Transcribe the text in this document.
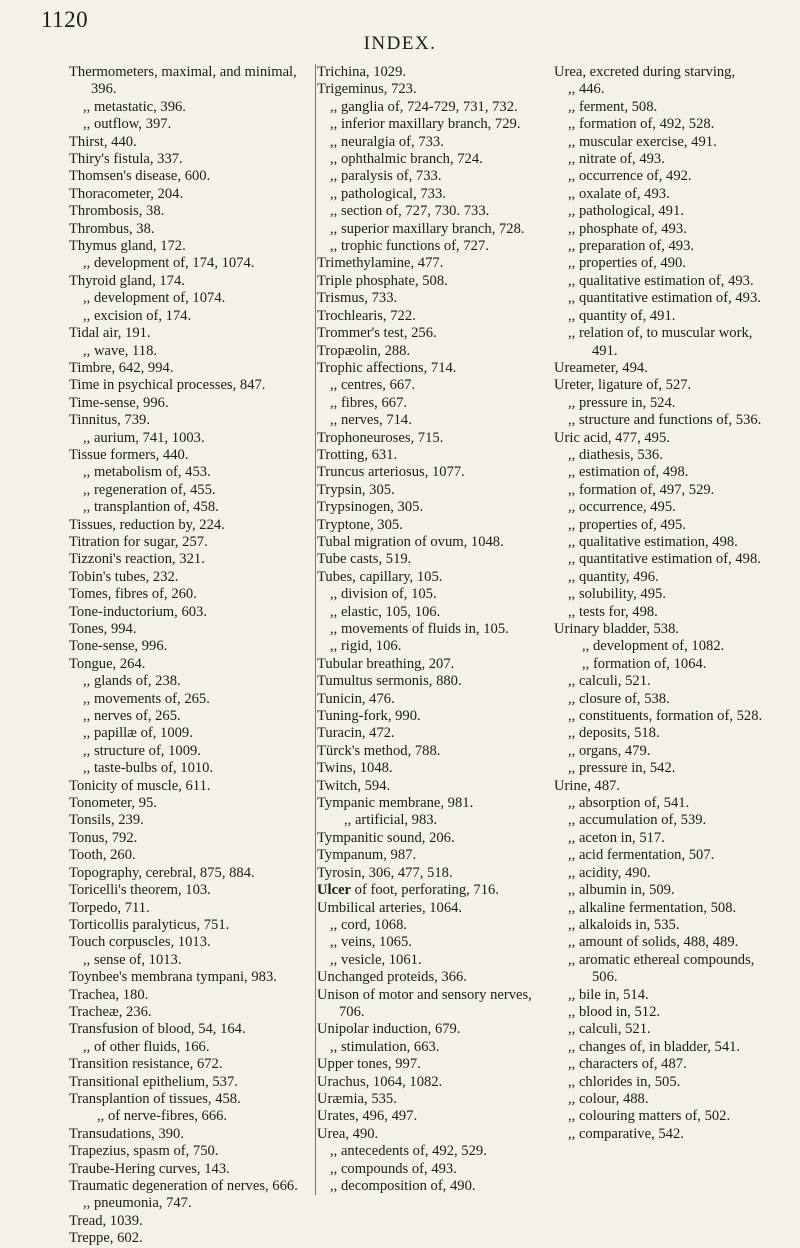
1120
INDEX.
Thermometers, maximal, and minimal, 396.
,, metastatic, 396.
,, outflow, 397.
Thirst, 440.
Thiry's fistula, 337.
Thomsen's disease, 600.
Thoracometer, 204.
Thrombosis, 38.
Thrombus, 38.
Thymus gland, 172.
,, development of, 174, 1074.
Thyroid gland, 174.
,, development of, 1074.
,, excision of, 174.
Tidal air, 191.
,, wave, 118.
Timbre, 642, 994.
Time in psychical processes, 847.
Time-sense, 996.
Tinnitus, 739.
,, aurium, 741, 1003.
Tissue formers, 440.
,, metabolism of, 453.
,, regeneration of, 455.
,, transplantion of, 458.
Tissues, reduction by, 224.
Titration for sugar, 257.
Tizzoni's reaction, 321.
Tobin's tubes, 232.
Tomes, fibres of, 260.
Tone-inductorium, 603.
Tones, 994.
Tone-sense, 996.
Tongue, 264.
,, glands of, 238.
,, movements of, 265.
,, nerves of, 265.
,, papillæ of, 1009.
,, structure of, 1009.
,, taste-bulbs of, 1010.
Tonicity of muscle, 611.
Tonometer, 95.
Tonsils, 239.
Tonus, 792.
Tooth, 260.
Topography, cerebral, 875, 884.
Toricelli's theorem, 103.
Torpedo, 711.
Torticollis paralyticus, 751.
Touch corpuscles, 1013.
,, sense of, 1013.
Toynbee's membrana tympani, 983.
Trachea, 180.
Tracheæ, 236.
Transfusion of blood, 54, 164.
,, of other fluids, 166.
Transition resistance, 672.
Transitional epithelium, 537.
Transplantion of tissues, 458.
,, of nerve-fibres, 666.
Transudations, 390.
Trapezius, spasm of, 750.
Traube-Hering curves, 143.
Traumatic degeneration of nerves, 666.
,, pneumonia, 747.
Tread, 1039.
Treppe, 602.
Trichina, 1029.
Trigeminus, 723.
,, ganglia of, 724-729, 731, 732.
,, inferior maxillary branch, 729.
,, neuralgia of, 733.
,, ophthalmic branch, 724.
,, paralysis of, 733.
,, pathological, 733.
,, section of, 727, 730. 733.
,, superior maxillary branch, 728.
,, trophic functions of, 727.
Trimethylamine, 477.
Triple phosphate, 508.
Trismus, 733.
Trochlearis, 722.
Trommer's test, 256.
Tropæolin, 288.
Trophic affections, 714.
,, centres, 667.
,, fibres, 667.
,, nerves, 714.
Trophoneuroses, 715.
Trotting, 631.
Truncus arteriosus, 1077.
Trypsin, 305.
Trypsinogen, 305.
Tryptone, 305.
Tubal migration of ovum, 1048.
Tube casts, 519.
Tubes, capillary, 105.
,, division of, 105.
,, elastic, 105, 106.
,, movements of fluids in, 105.
,, rigid, 106.
Tubular breathing, 207.
Tumultus sermonis, 880.
Tunicin, 476.
Tuning-fork, 990.
Turacin, 472.
Türck's method, 788.
Twins, 1048.
Twitch, 594.
Tympanic membrane, 981.
,, artificial, 983.
Tympanitic sound, 206.
Tympanum, 987.
Tyrosin, 306, 477, 518.
Ulcer of foot, perforating, 716.
Umbilical arteries, 1064.
,, cord, 1068.
,, veins, 1065.
,, vesicle, 1061.
Unchanged proteids, 366.
Unison of motor and sensory nerves, 706.
Unipolar induction, 679.
,, stimulation, 663.
Upper tones, 997.
Urachus, 1064, 1082.
Uræmia, 535.
Urates, 496, 497.
Urea, 490.
,, antecedents of, 492, 529.
,, compounds of, 493.
,, decomposition of, 490.
Urea, excreted during starving,
,, 446.
,, ferment, 508.
,, formation of, 492, 528.
,, muscular exercise, 491.
,, nitrate of, 493.
,, occurrence of, 492.
,, oxalate of, 493.
,, pathological, 491.
,, phosphate of, 493.
,, preparation of, 493.
,, properties of, 490.
,, qualitative estimation of, 493.
,, quantitative estimation of, 493.
,, quantity of, 491.
,, relation of, to muscular work, 491.
Ureameter, 494.
Ureter, ligature of, 527.
,, pressure in, 524.
,, structure and functions of, 536.
Uric acid, 477, 495.
,, diathesis, 536.
,, estimation of, 498.
,, formation of, 497, 529.
,, occurrence, 495.
,, properties of, 495.
,, qualitative estimation, 498.
,, quantitative estimation of, 498.
,, quantity, 496.
,, solubility, 495.
,, tests for, 498.
Urinary bladder, 538.
,, development of, 1082.
,, formation of, 1064.
,, calculi, 521.
,, closure of, 538.
,, constituents, formation of, 528.
,, deposits, 518.
,, organs, 479.
,, pressure in, 542.
Urine, 487.
,, absorption of, 541.
,, accumulation of, 539.
,, aceton in, 517.
,, acid fermentation, 507.
,, acidity, 490.
,, albumin in, 509.
,, alkaline fermentation, 508.
,, alkaloids in, 535.
,, amount of solids, 488, 489.
,, aromatic ethereal compounds, 506.
,, bile in, 514.
,, blood in, 512.
,, calculi, 521.
,, changes of, in bladder, 541.
,, characters of, 487.
,, chlorides in, 505.
,, colour, 488.
,, colouring matters of, 502.
,, comparative, 542.
